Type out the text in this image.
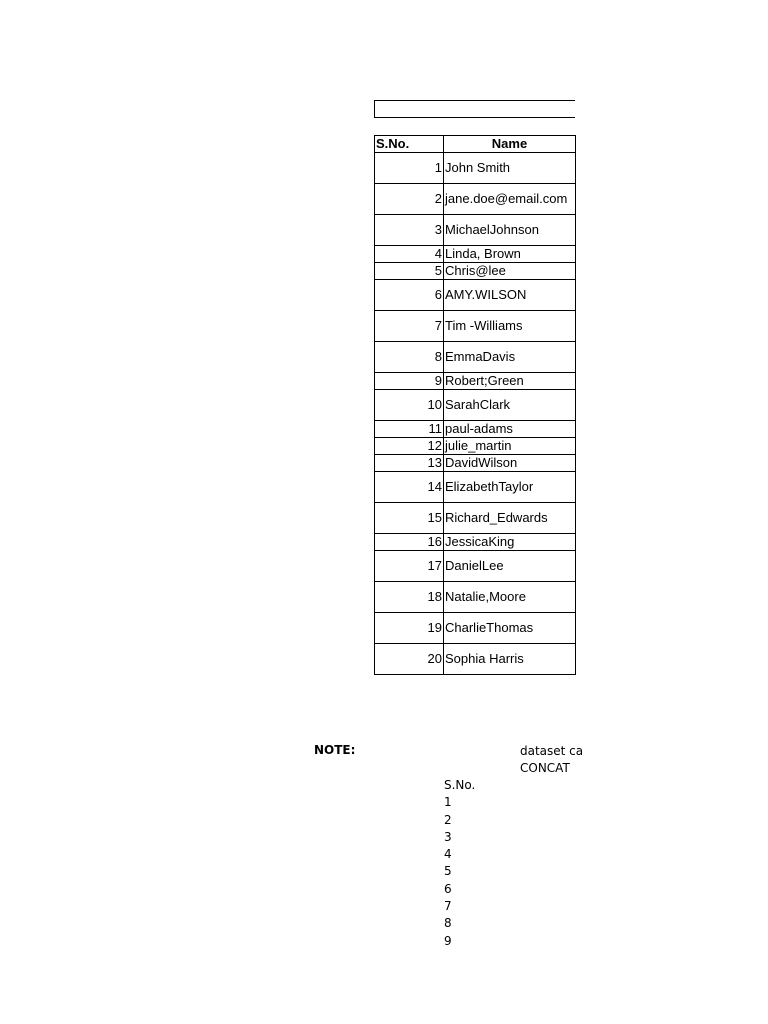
S.No.	Name
1	John Smith
2	jane.doe@email.com
3	MichaelJohnson
4	Linda, Brown
5	Chris@lee
6	AMY.WILSON
7	Tim -Williams
8	EmmaDavis
9	Robert;Green
10	SarahClark
11	paul-adams
12	julie_martin
13	DavidWilson
14	ElizabethTaylor
15	Richard_Edwards
16	JessicaKing
17	DanielLee
18	Natalie,Moore
19	CharlieThomas
20	Sophia Harris
NOTE:	dataset ca
CONCAT
S.No.
1
2
3
4
5
6
7
8
9
